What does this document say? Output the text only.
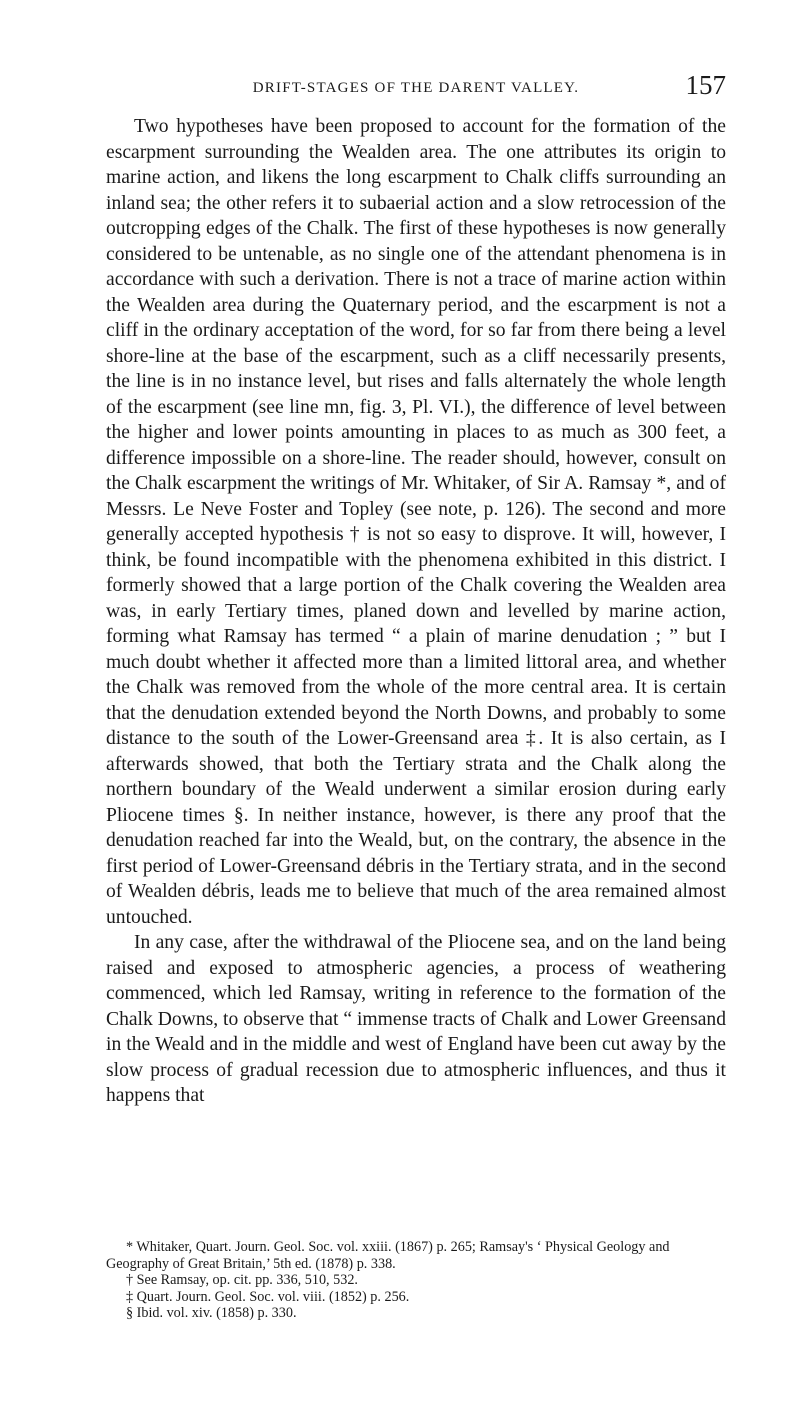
DRIFT-STAGES OF THE DARENT VALLEY.	157

Two hypotheses have been proposed to account for the formation of the escarpment surrounding the Wealden area. The one attributes its origin to marine action, and likens the long escarpment to Chalk cliffs surrounding an inland sea; the other refers it to subaerial action and a slow retrocession of the outcropping edges of the Chalk. The first of these hypotheses is now generally considered to be untenable, as no single one of the attendant phenomena is in accordance with such a derivation. There is not a trace of marine action within the Wealden area during the Quaternary period, and the escarpment is not a cliff in the ordinary acceptation of the word, for so far from there being a level shore-line at the base of the escarpment, such as a cliff necessarily presents, the line is in no instance level, but rises and falls alternately the whole length of the escarpment (see line mn, fig. 3, Pl. VI.), the difference of level between the higher and lower points amounting in places to as much as 300 feet, a difference impossible on a shore-line. The reader should, however, consult on the Chalk escarpment the writings of Mr. Whitaker, of Sir A. Ramsay *, and of Messrs. Le Neve Foster and Topley (see note, p. 126). The second and more generally accepted hypothesis † is not so easy to disprove. It will, however, I think, be found incompatible with the phenomena exhibited in this district. I formerly showed that a large portion of the Chalk covering the Wealden area was, in early Tertiary times, planed down and levelled by marine action, forming what Ramsay has termed “ a plain of marine denudation ; ” but I much doubt whether it affected more than a limited littoral area, and whether the Chalk was removed from the whole of the more central area. It is certain that the denudation extended beyond the North Downs, and probably to some distance to the south of the Lower-Greensand area ‡. It is also certain, as I afterwards showed, that both the Tertiary strata and the Chalk along the northern boundary of the Weald underwent a similar erosion during early Pliocene times §. In neither instance, however, is there any proof that the denudation reached far into the Weald, but, on the contrary, the absence in the first period of Lower-Greensand débris in the Tertiary strata, and in the second of Wealden débris, leads me to believe that much of the area remained almost untouched.

In any case, after the withdrawal of the Pliocene sea, and on the land being raised and exposed to atmospheric agencies, a process of weathering commenced, which led Ramsay, writing in reference to the formation of the Chalk Downs, to observe that “ immense tracts of Chalk and Lower Greensand in the Weald and in the middle and west of England have been cut away by the slow process of gradual recession due to atmospheric influences, and thus it happens that

* Whitaker, Quart. Journ. Geol. Soc. vol. xxiii. (1867) p. 265; Ramsay's ‘ Physical Geology and Geography of Great Britain,’ 5th ed. (1878) p. 338.

† See Ramsay, op. cit. pp. 336, 510, 532.

‡ Quart. Journ. Geol. Soc. vol. viii. (1852) p. 256.

§ Ibid. vol. xiv. (1858) p. 330.
